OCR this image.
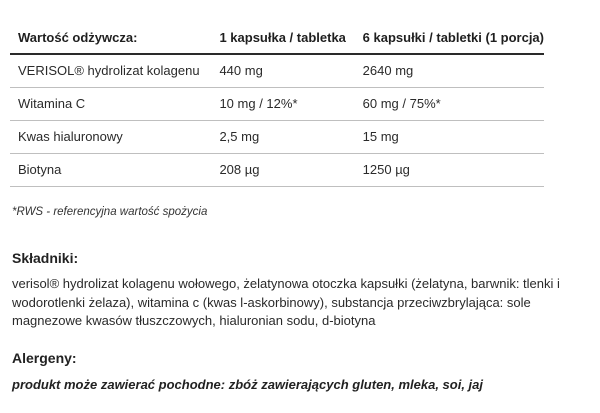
Wartość odżywcza:	1 kapsułka / tabletka	6 kapsułki / tabletki (1 porcja)
VERISOL® hydrolizat kolagenu	440 mg	2640 mg
Witamina C	10 mg / 12%*	60 mg / 75%*
Kwas hialuronowy	2,5 mg	15 mg
Biotyna	208 µg	1250 µg
*RWS - referencyjna wartość spożycia
Składniki:
verisol® hydrolizat kolagenu wołowego, żelatynowa otoczka kapsułki (żelatyna, barwnik: tlenki i wodorotlenki żelaza), witamina c (kwas l-askorbinowy), substancja przeciwzbrylająca: sole magnezowe kwasów tłuszczowych, hialuronian sodu, d-biotyna
Alergeny:
produkt może zawierać pochodne: zbóż zawierających gluten, mleka, soi, jaj
